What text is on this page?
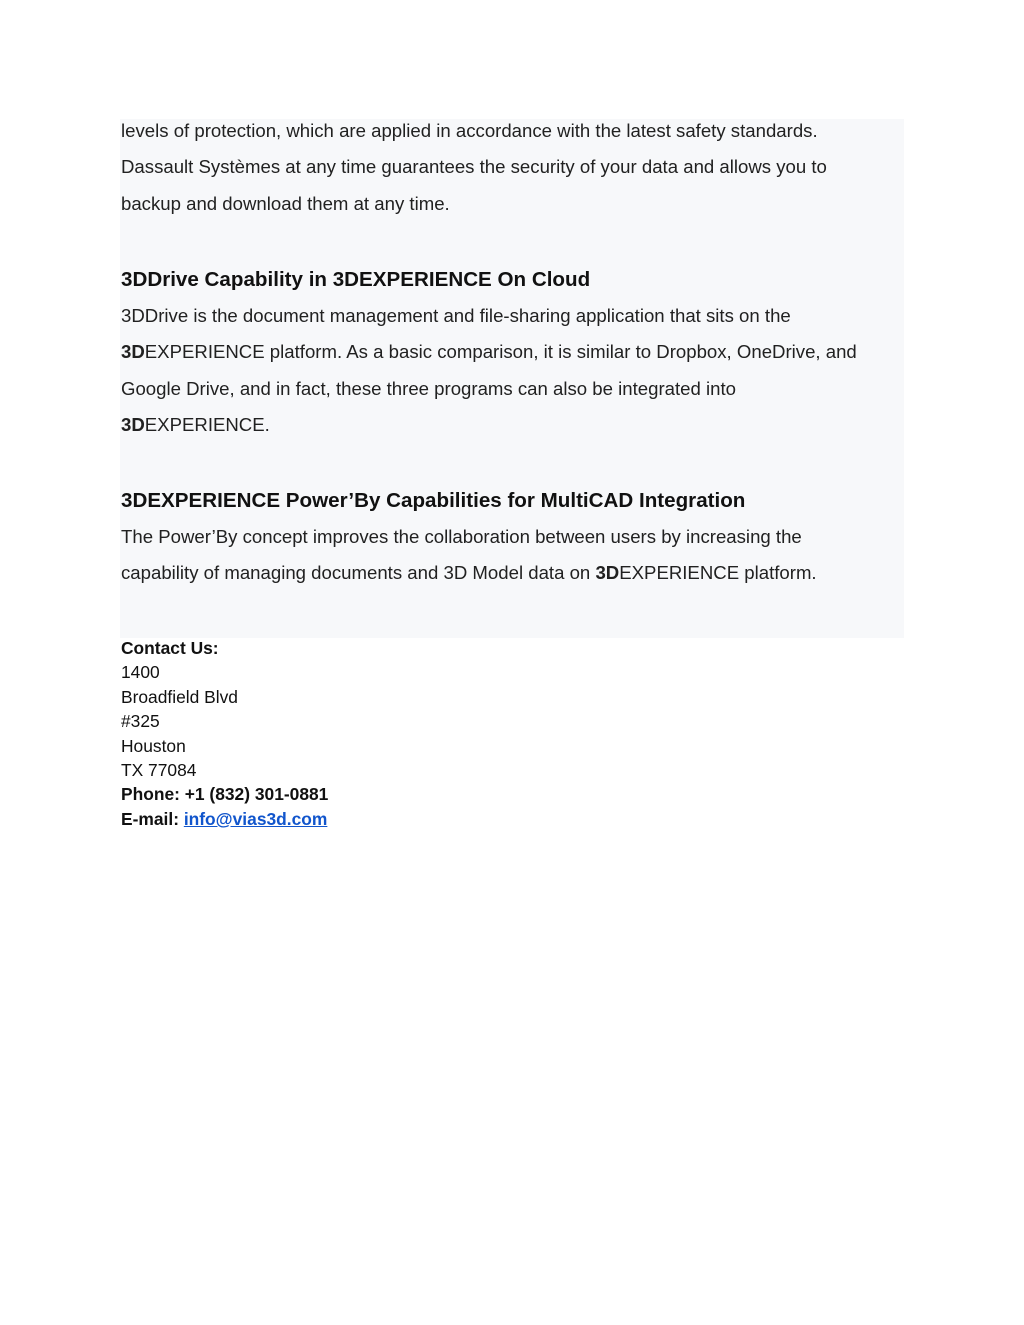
levels of protection, which are applied in accordance with the latest safety standards.
Dassault Systèmes at any time guarantees the security of your data and allows you to
backup and download them at any time.

3DDrive Capability in 3DEXPERIENCE On Cloud

3DDrive is the document management and file-sharing application that sits on the
3DEXPERIENCE platform. As a basic comparison, it is similar to Dropbox, OneDrive, and
Google Drive, and in fact, these three programs can also be integrated into
3DEXPERIENCE.

3DEXPERIENCE Power’By Capabilities for MultiCAD Integration

The Power’By concept improves the collaboration between users by increasing the
capability of managing documents and 3D Model data on 3DEXPERIENCE platform.

Contact Us:
1400
Broadfield Blvd
#325
Houston
TX 77084
Phone: +1 (832) 301-0881
E-mail: info@vias3d.com
